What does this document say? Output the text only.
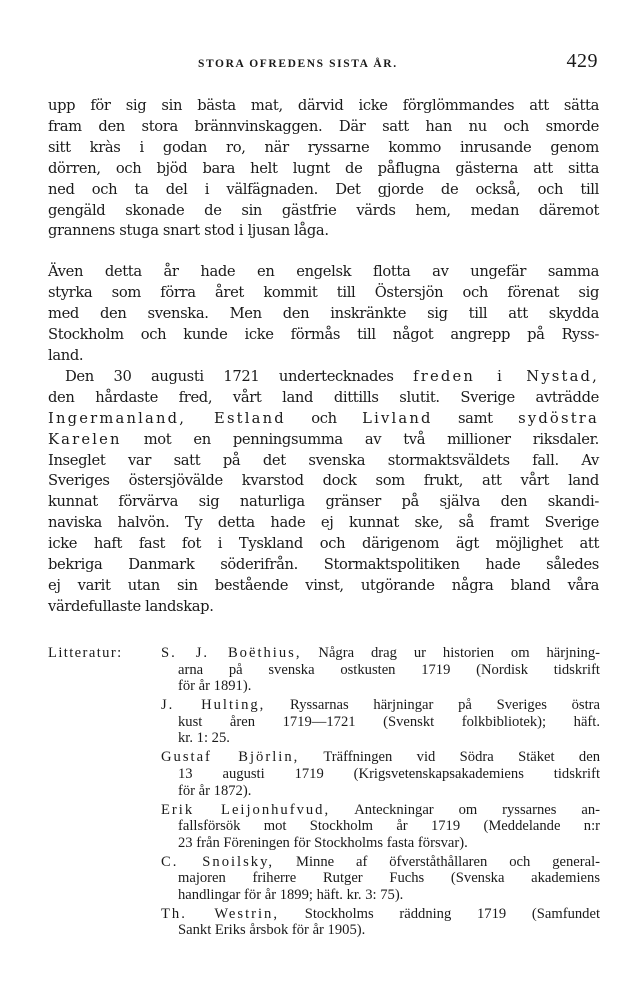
STORA OFREDENS SISTA ÅR.	429
upp för sig sin bästa mat, därvid icke förglömmandes att sätta
fram den stora brännvinskaggen. Där satt han nu och smorde
sitt kràs i godan ro, när ryssarne kommo inrusande genom
dörren, och bjöd bara helt lugnt de påflugna gästerna att sitta
ned och ta del i välfägnaden. Det gjorde de också, och till
gengäld skonade de sin gästfrie värds hem, medan däremot
grannens stuga snart stod i ljusan låga.
Även detta år hade en engelsk flotta av ungefär samma
styrka som förra året kommit till Östersjön och förenat sig
med den svenska. Men den inskränkte sig till att skydda
Stockholm och kunde icke förmås till något angrepp på Ryss-
land.
Den 30 augusti 1721 undertecknades freden i Nystad,
den hårdaste fred, vårt land dittills slutit. Sverige avträdde
Ingermanland, Estland och Livland samt sydöstra
Karelen mot en penningsumma av två millioner riksdaler.
Inseglet var satt på det svenska stormaktsväldets fall. Av
Sveriges östersjövälde kvarstod dock som frukt, att vårt land
kunnat förvärva sig naturliga gränser på själva den skandi-
naviska halvön. Ty detta hade ej kunnat ske, så framt Sverige
icke haft fast fot i Tyskland och därigenom ägt möjlighet att
bekriga Danmark söderifrån. Stormaktspolitiken hade således
ej varit utan sin bestående vinst, utgörande några bland våra
värdefullaste landskap.
Litteratur:	S. J. Boëthius, Några drag ur historien om härjning-
arna på svenska ostkusten 1719 (Nordisk tidskrift
för år 1891).
J. Hulting, Ryssarnas härjningar på Sveriges östra
kust åren 1719—1721 (Svenskt folkbibliotek); häft.
kr. 1: 25.
Gustaf Björlin, Träffningen vid Södra Stäket den
13 augusti 1719 (Krigsvetenskapsakademiens tidskrift
för år 1872).
Erik Leijonhufvud, Anteckningar om ryssarnes an-
fallsförsök mot Stockholm år 1719 (Meddelande n:r
23 från Föreningen för Stockholms fasta försvar).
C. Snoilsky, Minne af öfverståthållaren och general-
majoren friherre Rutger Fuchs (Svenska akademiens
handlingar för år 1899; häft. kr. 3: 75).
Th. Westrin, Stockholms räddning 1719 (Samfundet
Sankt Eriks årsbok för år 1905).
